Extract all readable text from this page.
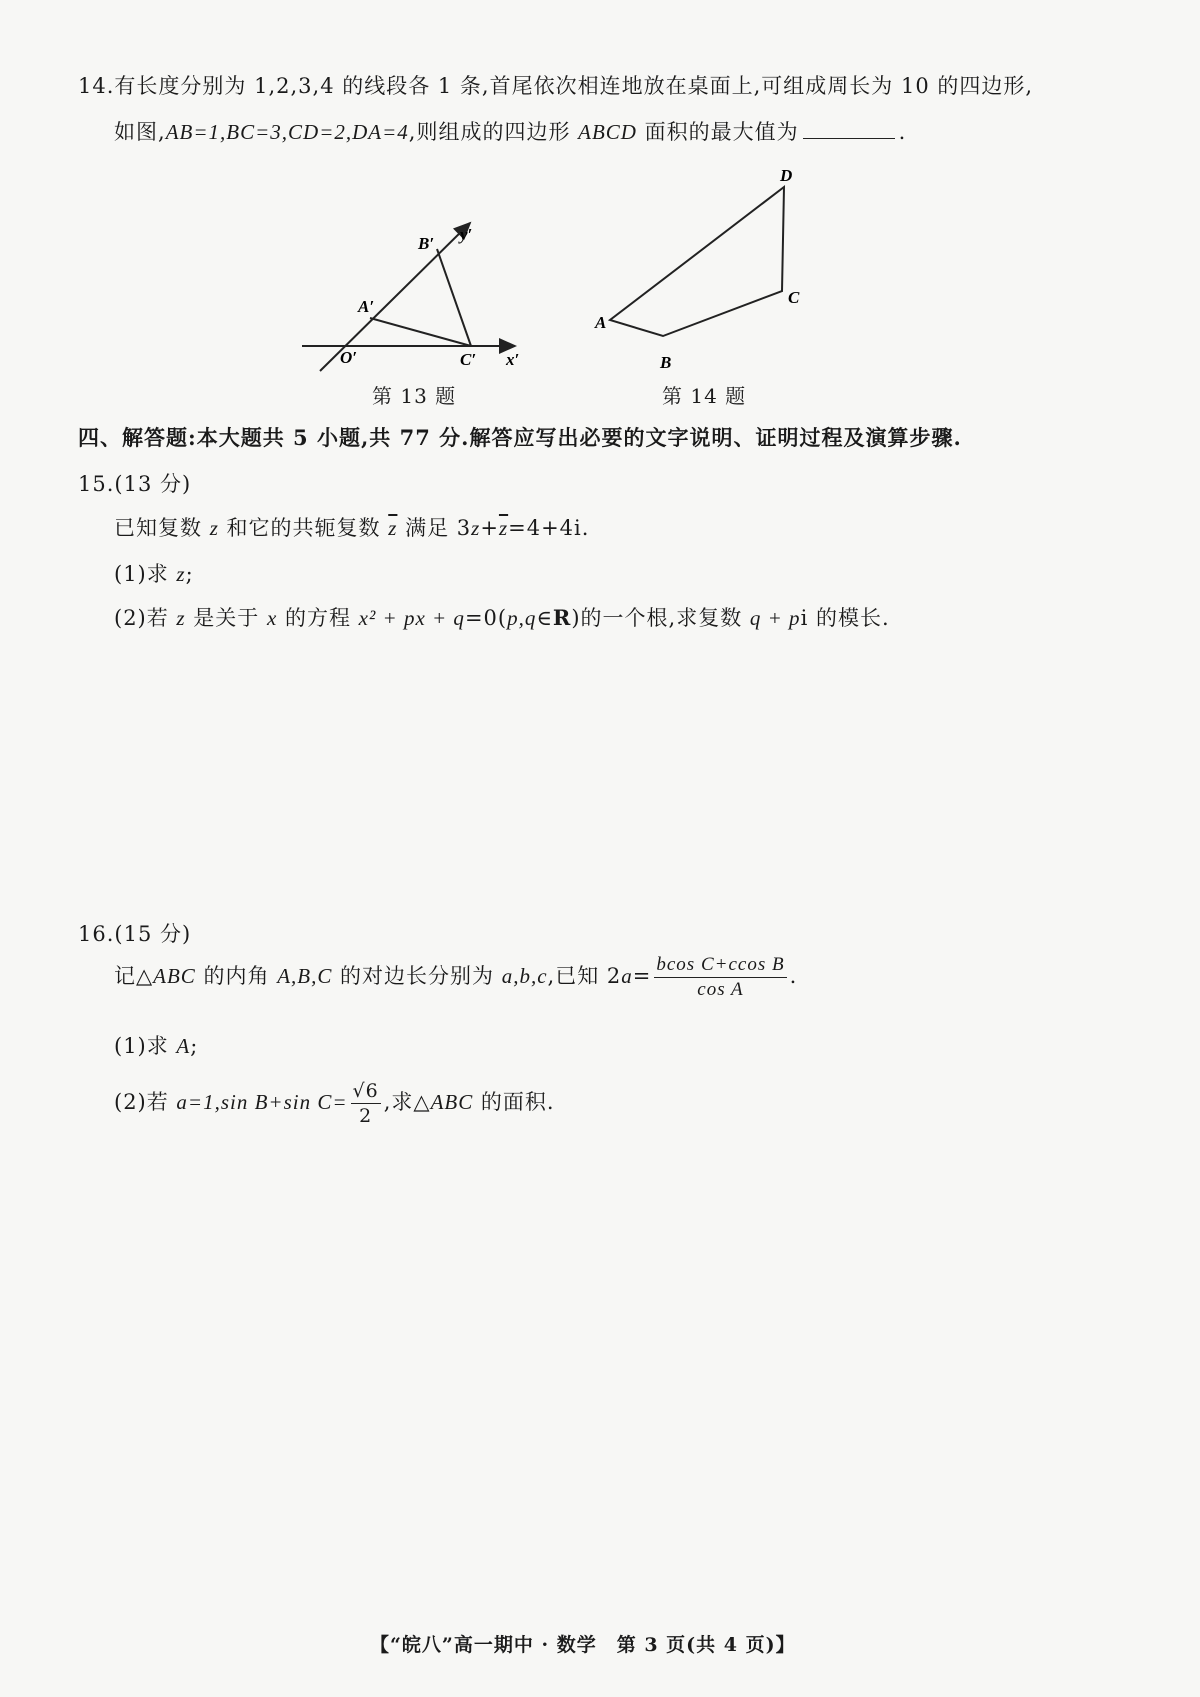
14.有长度分别为 1,2,3,4 的线段各 1 条,首尾依次相连地放在桌面上,可组成周长为 10 的四边形,
如图,AB=1,BC=3,CD=2,DA=4,则组成的四边形 ABCD 面积的最大值为	.
B′ y′
A′
O′	C′ x′
第 13 题
D
C
A
B
第 14 题
四、解答题:本大题共 5 小题,共 77 分.解答应写出必要的文字说明、证明过程及演算步骤.
15.(13 分)
已知复数 z 和它的共轭复数 $\overline{z}$ 满足 $3z+\overline{z}=4+4i$.
(1)求 z;
(2)若 z 是关于 x 的方程 x² + px + q=0(p,q∈R)的一个根,求复数 q + pi 的模长.
16.(15 分)
记△ABC 的内角 A,B,C 的对边长分别为 a,b,c,已知 $2a= \frac{\text{bcos C+ccos B}}{\text{cos A}}$ .
(1)求 A;
(2)若 a=1,sin B+sin $C= \frac{√6}{2}$ ,求△ABC 的面积.
【“皖八”高一期中 · 数学　第 3 页(共 4 页)】
